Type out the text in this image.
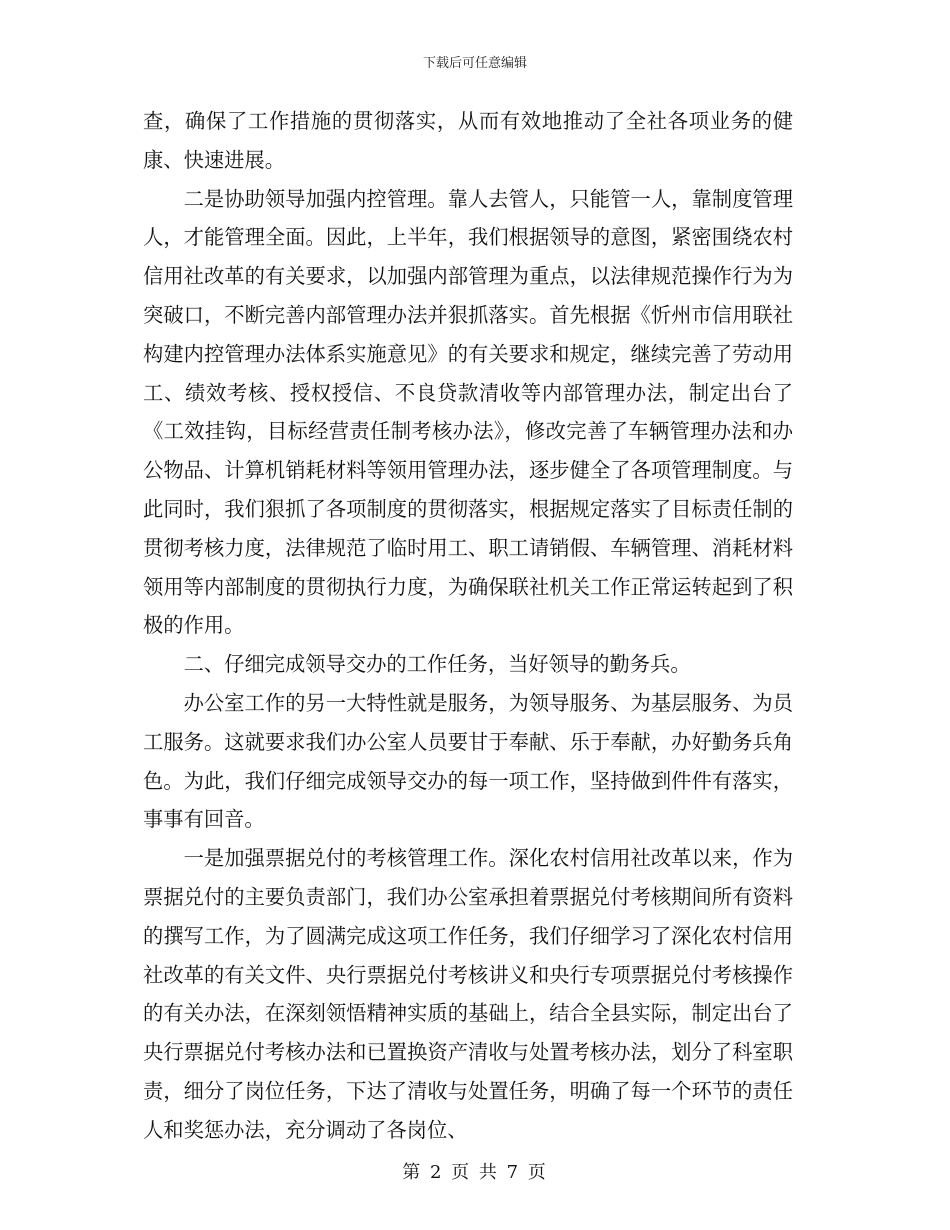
下载后可任意编辑

查，确保了工作措施的贯彻落实，从而有效地推动了全社各项业务的健康、快速进展。

二是协助领导加强内控管理。靠人去管人，只能管一人，靠制度管理人，才能管理全面。因此，上半年，我们根据领导的意图，紧密围绕农村信用社改革的有关要求，以加强内部管理为重点，以法律规范操作行为为突破口，不断完善内部管理办法并狠抓落实。首先根据《忻州市信用联社构建内控管理办法体系实施意见》的有关要求和规定，继续完善了劳动用工、绩效考核、授权授信、不良贷款清收等内部管理办法，制定出台了《工效挂钩，目标经营责任制考核办法》，修改完善了车辆管理办法和办公物品、计算机销耗材料等领用管理办法，逐步健全了各项管理制度。与此同时，我们狠抓了各项制度的贯彻落实，根据规定落实了目标责任制的贯彻考核力度，法律规范了临时用工、职工请销假、车辆管理、消耗材料领用等内部制度的贯彻执行力度，为确保联社机关工作正常运转起到了积极的作用。

二、仔细完成领导交办的工作任务，当好领导的勤务兵。

办公室工作的另一大特性就是服务，为领导服务、为基层服务、为员工服务。这就要求我们办公室人员要甘于奉献、乐于奉献，办好勤务兵角色。为此，我们仔细完成领导交办的每一项工作，坚持做到件件有落实，事事有回音。

一是加强票据兑付的考核管理工作。深化农村信用社改革以来，作为票据兑付的主要负责部门，我们办公室承担着票据兑付考核期间所有资料的撰写工作，为了圆满完成这项工作任务，我们仔细学习了深化农村信用社改革的有关文件、央行票据兑付考核讲义和央行专项票据兑付考核操作的有关办法，在深刻领悟精神实质的基础上，结合全县实际，制定出台了央行票据兑付考核办法和已置换资产清收与处置考核办法，划分了科室职责，细分了岗位任务，下达了清收与处置任务，明确了每一个环节的责任人和奖惩办法，充分调动了各岗位、

第 2 页 共 7 页
